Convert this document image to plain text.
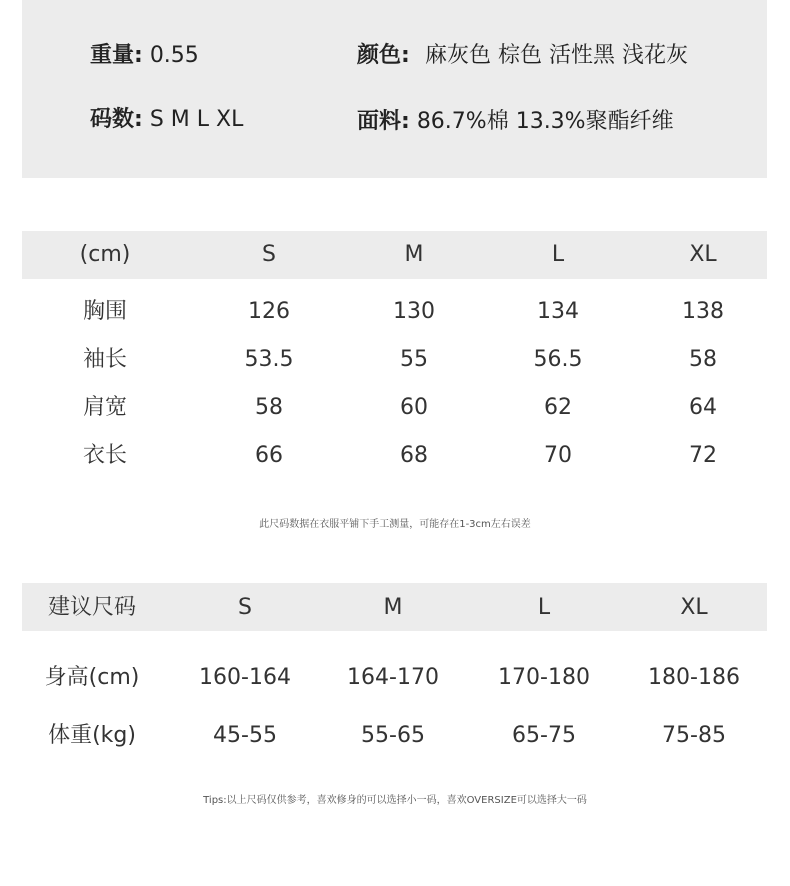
重量: 0.55
码数: S M L XL
颜色: 麻灰色 棕色 活性黑 浅花灰
面料: 86.7%棉 13.3%聚酯纤维
(cm)	S	M	L	XL
胸围	126	130	134	138
袖长	53.5	55	56.5	58
肩宽	58	60	62	64
衣长	66	68	70	72
此尺码数据在衣服平铺下手工测量，可能存在1-3cm左右误差
建议尺码	S	M	L	XL
身高(cm)	160-164	164-170	170-180	180-186
体重(kg)	45-55	55-65	65-75	75-85
Tips:以上尺码仅供参考，喜欢修身的可以选择小一码，喜欢OVERSIZE可以选择大一码
